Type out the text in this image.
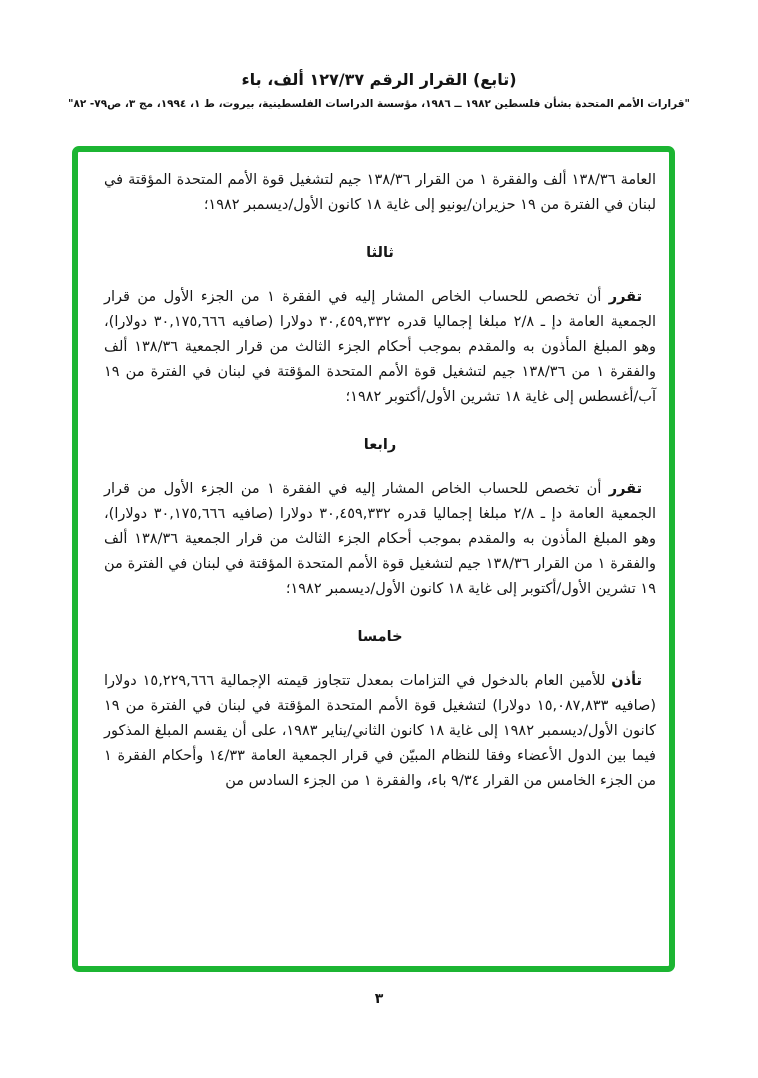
(تابع) القرار الرقم ١٢٧/٣٧ ألف، باء
"قرارات الأمم المتحدة بشأن فلسطين ١٩٨٢ ــ ١٩٨٦، مؤسسة الدراسات الفلسطينية، بيروت، ط ١، ١٩٩٤، مج ٣، ص٧٩- ٨٢"

العامة ١٣٨/٣٦ ألف والفقرة ١ من القرار ١٣٨/٣٦ جيم لتشغيل قوة الأمم المتحدة المؤقتة في لبنان في الفترة من ١٩ حزيران/يونيو إلى غاية ١٨ كانون الأول/ديسمبر ١٩٨٢؛

ثالثا

تقرر أن تخصص للحساب الخاص المشار إليه في الفقرة ١ من الجزء الأول من قرار الجمعية العامة دإ ـ ٢/٨ مبلغا إجماليا قدره ٣٠,٤٥٩,٣٣٢ دولارا (صافيه ٣٠,١٧٥,٦٦٦ دولارا)، وهو المبلغ المأذون به والمقدم بموجب أحكام الجزء الثالث من قرار الجمعية ١٣٨/٣٦ ألف والفقرة ١ من ١٣٨/٣٦ جيم لتشغيل قوة الأمم المتحدة المؤقتة في لبنان في الفترة من ١٩ آب/أغسطس إلى غاية ١٨ تشرين الأول/أكتوبر ١٩٨٢؛

رابعا

تقرر أن تخصص للحساب الخاص المشار إليه في الفقرة ١ من الجزء الأول من قرار الجمعية العامة دإ ـ ٢/٨ مبلغا إجماليا قدره ٣٠,٤٥٩,٣٣٢ دولارا (صافيه ٣٠,١٧٥,٦٦٦ دولارا)، وهو المبلغ المأذون به والمقدم بموجب أحكام الجزء الثالث من قرار الجمعية ١٣٨/٣٦ ألف والفقرة ١ من القرار ١٣٨/٣٦ جيم لتشغيل قوة الأمم المتحدة المؤقتة في لبنان في الفترة من ١٩ تشرين الأول/أكتوبر إلى غاية ١٨ كانون الأول/ديسمبر ١٩٨٢؛

خامسا

تأذن للأمين العام بالدخول في التزامات بمعدل تتجاوز قيمته الإجمالية ١٥,٢٢٩,٦٦٦ دولارا (صافيه ١٥,٠٨٧,٨٣٣ دولارا) لتشغيل قوة الأمم المتحدة المؤقتة في لبنان في الفترة من ١٩ كانون الأول/ديسمبر ١٩٨٢ إلى غاية ١٨ كانون الثاني/يناير ١٩٨٣، على أن يقسم المبلغ المذكور فيما بين الدول الأعضاء وفقا للنظام المبيّن في قرار الجمعية العامة ١٤/٣٣ وأحكام الفقرة ١ من الجزء الخامس من القرار ٩/٣٤ باء، والفقرة ١ من الجزء السادس من

٣
